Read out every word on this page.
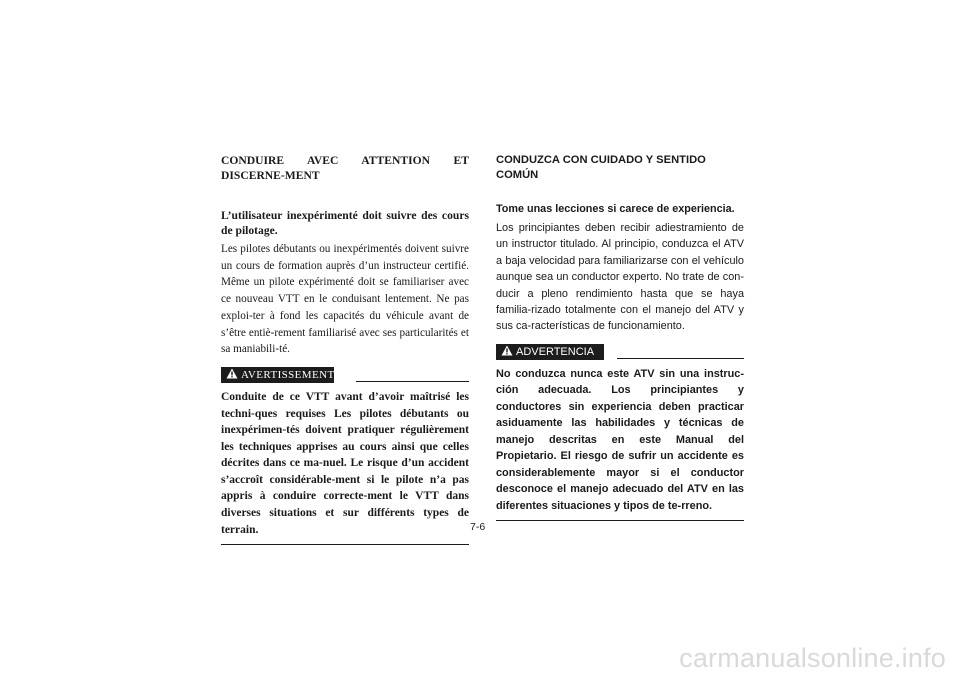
CONDUIRE AVEC ATTENTION ET DISCERNE-MENT

L’utilisateur inexpérimenté doit suivre des cours de pilotage.

Les pilotes débutants ou inexpérimentés doivent suivre un cours de formation auprès d’un instructeur certifié. Même un pilote expérimenté doit se familiariser avec ce nouveau VTT en le conduisant lentement. Ne pas exploi-ter à fond les capacités du véhicule avant de s’être entiè-rement familiarisé avec ses particularités et sa maniabili-té.

AVERTISSEMENT

Conduite de ce VTT avant d’avoir maîtrisé les techni-ques requises Les pilotes débutants ou inexpérimen-tés doivent pratiquer régulièrement les techniques apprises au cours ainsi que celles décrites dans ce ma-nuel. Le risque d’un accident s’accroît considérable-ment si le pilote n’a pas appris à conduire correcte-ment le VTT dans diverses situations et sur différents types de terrain.

CONDUZCA CON CUIDADO Y SENTIDO COMÚN

Tome unas lecciones si carece de experiencia.

Los principiantes deben recibir adiestramiento de un instructor titulado. Al principio, conduzca el ATV a baja velocidad para familiarizarse con el vehículo aunque sea un conductor experto. No trate de con-ducir a pleno rendimiento hasta que se haya familia-rizado totalmente con el manejo del ATV y sus ca-racterísticas de funcionamiento.

ADVERTENCIA

No conduzca nunca este ATV sin una instruc-ción adecuada. Los principiantes y conductores sin experiencia deben practicar asiduamente las habilidades y técnicas de manejo descritas en este Manual del Propietario. El riesgo de sufrir un accidente es considerablemente mayor si el conductor desconoce el manejo adecuado del ATV en las diferentes situaciones y tipos de te-rreno.

7-6
carmanualsonline.info
